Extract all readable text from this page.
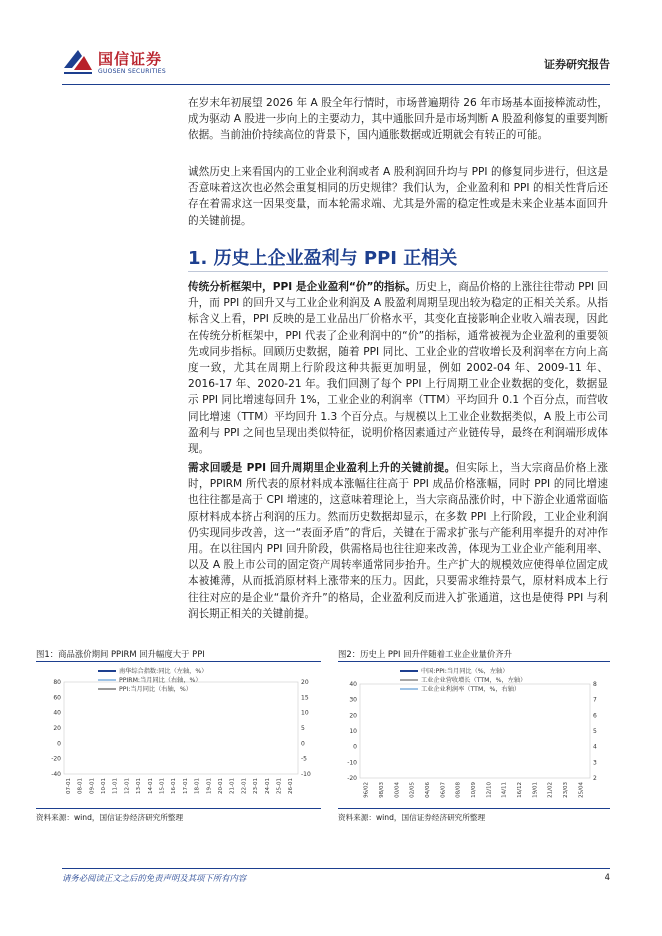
国信证券
GUOSEN SECURITIES
证券研究报告

在岁末年初展望 2026 年 A 股全年行情时，市场普遍期待 26 年市场基本面接棒流动性，成为驱动 A 股进一步向上的主要动力，其中通胀回升是市场判断 A 股盈利修复的重要判断依据。当前油价持续高位的背景下，国内通胀数据或近期就会有转正的可能。

诚然历史上来看国内的工业企业利润或者 A 股利润回升均与 PPI 的修复同步进行，但这是否意味着这次也必然会重复相同的历史规律？我们认为，企业盈利和 PPI 的相关性背后还存在着需求这一因果变量，而本轮需求端、尤其是外需的稳定性或是未来企业基本面回升的关键前提。

1. 历史上企业盈利与 PPI 正相关

传统分析框架中，PPI 是企业盈利“价”的指标。历史上，商品价格的上涨往往带动 PPI 回升，而 PPI 的回升又与工业企业利润及 A 股盈利周期呈现出较为稳定的正相关关系。从指标含义上看，PPI 反映的是工业品出厂价格水平，其变化直接影响企业收入端表现，因此在传统分析框架中，PPI 代表了企业利润中的“价”的指标，通常被视为企业盈利的重要领先或同步指标。回顾历史数据，随着 PPI 同比、工业企业的营收增长及利润率在方向上高度一致，尤其在周期上行阶段这种共振更加明显，例如 2002-04 年、2009-11 年、2016-17 年、2020-21 年。我们回测了每个 PPI 上行周期工业企业数据的变化，数据显示 PPI 同比增速每回升 1%，工业企业的利润率（TTM）平均回升 0.1 个百分点，而营收同比增速（TTM）平均回升 1.3 个百分点。与规模以上工业企业数据类似，A 股上市公司盈利与 PPI 之间也呈现出类似特征，说明价格因素通过产业链传导，最终在利润端形成体现。

需求回暖是 PPI 回升周期里企业盈利上升的关键前提。但实际上，当大宗商品价格上涨时，PPIRM 所代表的原材料成本涨幅往往高于 PPI 成品价格涨幅，同时 PPI 的同比增速也往往都是高于 CPI 增速的，这意味着理论上，当大宗商品涨价时，中下游企业通常面临原材料成本挤占利润的压力。然而历史数据却显示，在多数 PPI 上行阶段，工业企业利润仍实现同步改善，这一“表面矛盾”的背后，关键在于需求扩张与产能利用率提升的对冲作用。在以往国内 PPI 回升阶段，供需格局也往往迎来改善，体现为工业企业产能利用率、以及 A 股上市公司的固定资产周转率通常同步抬升。生产扩大的规模效应使得单位固定成本被摊薄，从而抵消原材料上涨带来的压力。因此，只要需求维持景气，原材料成本上行往往对应的是企业“量价齐升”的格局，企业盈利反而进入扩张通道，这也是使得 PPI 与利润长期正相关的关键前提。

图1：商品涨价期间 PPIRM 回升幅度大于 PPI
80
60
40
20
0
-20
-40
20
15
10
5
0
-5
-10
07-01 08-01 09-01 10-01 11-01 12-01 13-01 14-01 15-01 16-01 17-01 18-01 19-01 20-01 21-01 22-01 23-01 24-01 25-01 26-01
南华综合指数:同比（左轴，%）
PPIRM:当月同比（右轴，%）
PPI:当月同比（右轴，%）
资料来源：wind，国信证券经济研究所整理
图2：历史上 PPI 回升伴随着工业企业量价齐升
40
30
20
10
0
-10
-20
8
7
6
5
4
3
2
96/02 98/03 00/04 02/05 04/06 06/07 08/08 10/09 12/10 14/11 16/12 19/01 21/02 23/03 25/04
中国:PPI:当月同比（%，左轴）
工业企业营收增长（TTM，%，左轴）
工业企业利润率（TTM，%，右轴）
资料来源：wind，国信证券经济研究所整理
请务必阅读正文之后的免责声明及其项下所有内容	4
